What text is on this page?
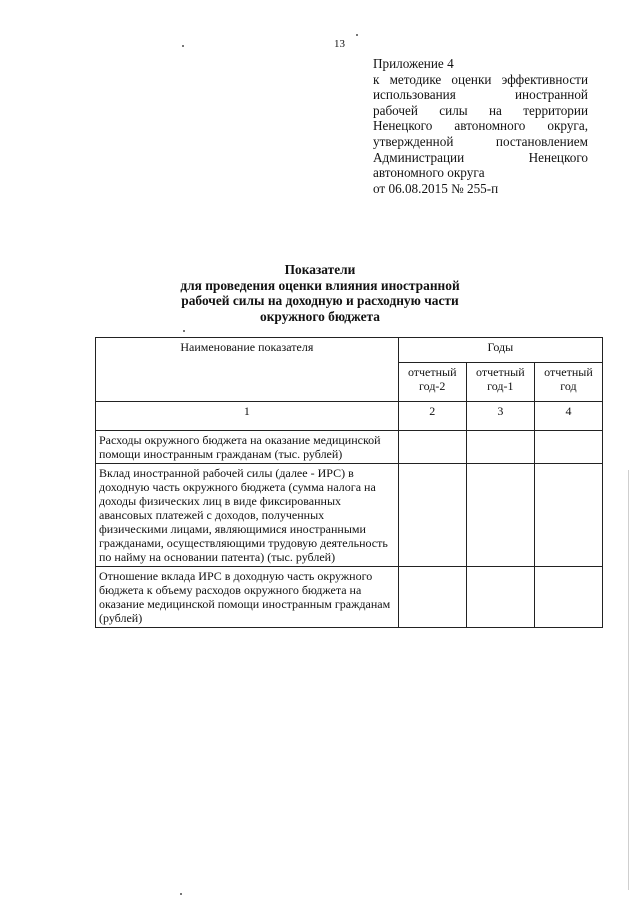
13
Приложение 4
к методике оценки эффективности
использования иностранной
рабочей силы на территории
Ненецкого автономного округа,
утвержденной постановлением
Администрации Ненецкого
автономного округа
от 06.08.2015 № 255-п
Показатели
для проведения оценки влияния иностранной
рабочей силы на доходную и расходную части
окружного бюджета
Наименование показателя	Годы		
	отчетный год-2	отчетный год-1	отчетный год
1	2	3	4
Расходы окружного бюджета на оказание медицинской помощи иностранным гражданам (тыс. рублей)			
Вклад иностранной рабочей силы (далее - ИРС) в доходную часть окружного бюджета (сумма налога на доходы физических лиц в виде фиксированных авансовых платежей с доходов, полученных физическими лицами, являющимися иностранными гражданами, осуществляющими трудовую деятельность по найму на основании патента) (тыс. рублей)			
Отношение вклада ИРС в доходную часть окружного бюджета к объему расходов окружного бюджета на оказание медицинской помощи иностранным гражданам (рублей)			
